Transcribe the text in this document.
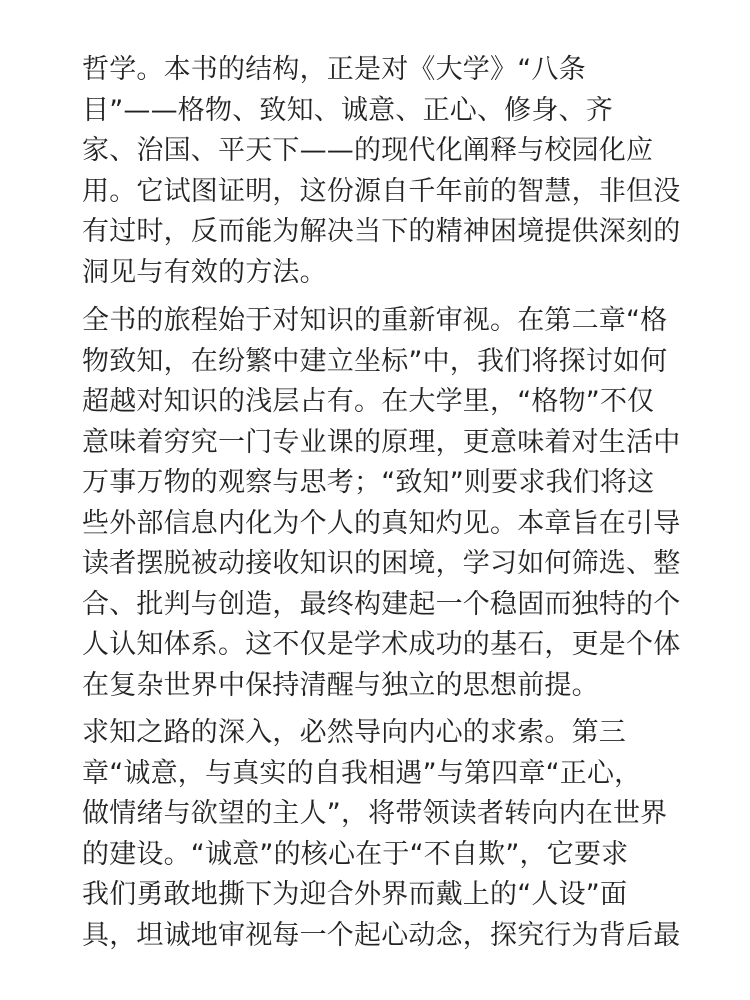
哲学。本书的结构，正是对《大学》“八条

目”——格物、致知、诚意、正心、修身、齐

家、治国、平天下——的现代化阐释与校园化应

用。它试图证明，这份源自千年前的智慧，非但没

有过时，反而能为解决当下的精神困境提供深刻的

洞见与有效的方法。

全书的旅程始于对知识的重新审视。在第二章“格

物致知，在纷繁中建立坐标”中，我们将探讨如何

超越对知识的浅层占有。在大学里，“格物”不仅

意味着穷究一门专业课的原理，更意味着对生活中

万事万物的观察与思考；“致知”则要求我们将这

些外部信息内化为个人的真知灼见。本章旨在引导

读者摆脱被动接收知识的困境，学习如何筛选、整

合、批判与创造，最终构建起一个稳固而独特的个

人认知体系。这不仅是学术成功的基石，更是个体

在复杂世界中保持清醒与独立的思想前提。

求知之路的深入，必然导向内心的求索。第三

章“诚意，与真实的自我相遇”与第四章“正心，

做情绪与欲望的主人”，将带领读者转向内在世界

的建设。“诚意”的核心在于“不自欺”，它要求

我们勇敢地撕下为迎合外界而戴上的“人设”面

具，坦诚地审视每一个起心动念，探究行为背后最
